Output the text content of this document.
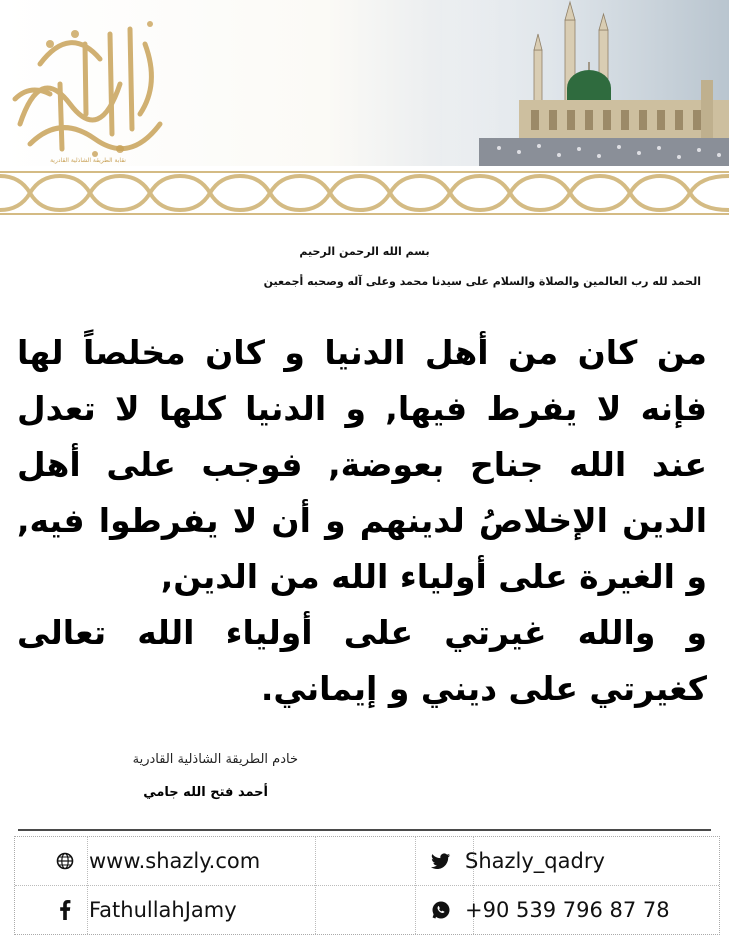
نقابة الطريقة الشاذلية القادرية
بسم الله الرحمن الرحيم
الحمد لله رب العالمين والصلاة والسلام على سيدنا محمد وعلى آله وصحبه أجمعين

من كان من أهل الدنيا و كان مخلصاً لها فإنه لا يفرط فيها, و الدنيا كلها لا تعدل عند الله جناح بعوضة, فوجب على أهل الدين الإخلاصُ لدينهم و أن لا يفرطوا فيه, و الغيرة على أولياء الله من الدين,

و والله غيرتي على أولياء الله تعالى كغيرتي على ديني و إيماني.

خادم الطريقة الشاذلية القادرية
أحمد فتح الله جامي
www.shazly.com	Shazly_qadry
FathullahJamy	+90 539 796 87 78
